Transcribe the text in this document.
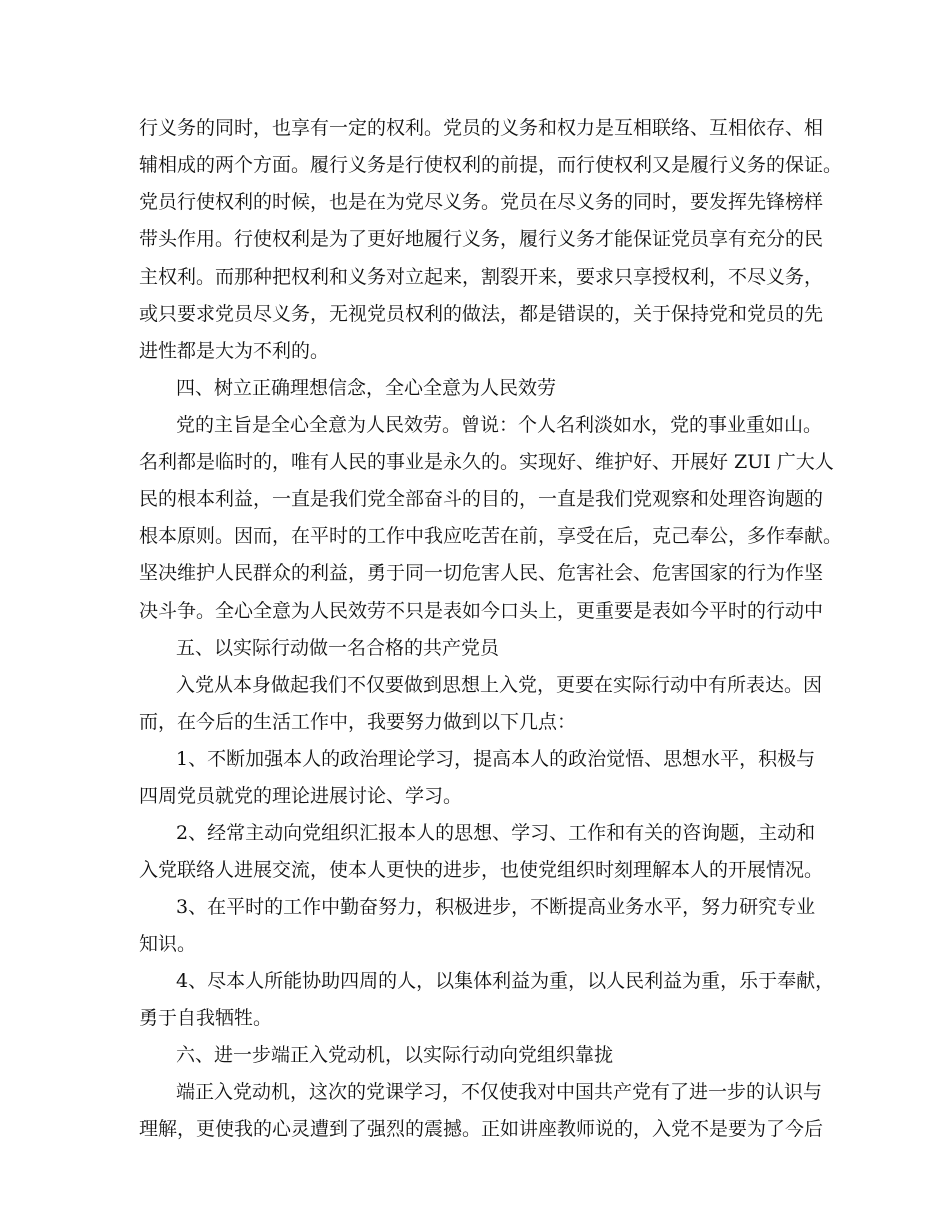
行义务的同时，也享有一定的权利。党员的义务和权力是互相联络、互相依存、相
辅相成的两个方面。履行义务是行使权利的前提，而行使权利又是履行义务的保证。
党员行使权利的时候，也是在为党尽义务。党员在尽义务的同时，要发挥先锋榜样
带头作用。行使权利是为了更好地履行义务，履行义务才能保证党员享有充分的民
主权利。而那种把权利和义务对立起来，割裂开来，要求只享授权利，不尽义务，
或只要求党员尽义务，无视党员权利的做法，都是错误的，关于保持党和党员的先
进性都是大为不利的。
四、树立正确理想信念，全心全意为人民效劳
党的主旨是全心全意为人民效劳。曾说：个人名利淡如水，党的事业重如山。
名利都是临时的，唯有人民的事业是永久的。实现好、维护好、开展好 ZUI 广大人
民的根本利益，一直是我们党全部奋斗的目的，一直是我们党观察和处理咨询题的
根本原则。因而，在平时的工作中我应吃苦在前，享受在后，克己奉公，多作奉献。
坚决维护人民群众的利益，勇于同一切危害人民、危害社会、危害国家的行为作坚
决斗争。全心全意为人民效劳不只是表如今口头上，更重要是表如今平时的行动中
五、以实际行动做一名合格的共产党员
入党从本身做起我们不仅要做到思想上入党，更要在实际行动中有所表达。因
而，在今后的生活工作中，我要努力做到以下几点：
1、不断加强本人的政治理论学习，提高本人的政治觉悟、思想水平，积极与
四周党员就党的理论进展讨论、学习。
2、经常主动向党组织汇报本人的思想、学习、工作和有关的咨询题，主动和
入党联络人进展交流，使本人更快的进步，也使党组织时刻理解本人的开展情况。
3、在平时的工作中勤奋努力，积极进步，不断提高业务水平，努力研究专业
知识。
4、尽本人所能协助四周的人，以集体利益为重，以人民利益为重，乐于奉献，
勇于自我牺牲。
六、进一步端正入党动机，以实际行动向党组织靠拢
端正入党动机，这次的党课学习，不仅使我对中国共产党有了进一步的认识与
理解，更使我的心灵遭到了强烈的震撼。正如讲座教师说的，入党不是要为了今后
